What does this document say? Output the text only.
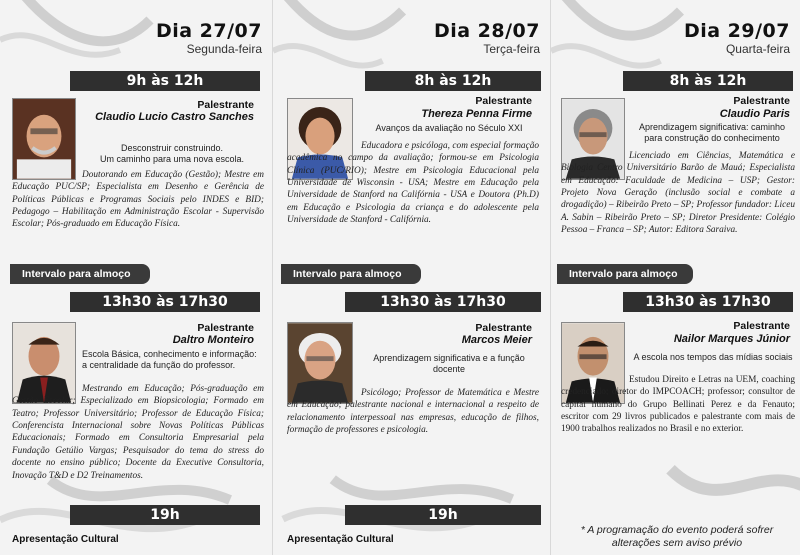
Dia 27/07
Segunda-feira
9h às 12h
Palestrante
Claudio Lucio Castro Sanches
Desconstruir construindo.
Um caminho para uma nova escola.
Doutorando em Educação (Gestão); Mestre em Educação PUC/SP; Especialista em Desenho e Gerência de Políticas Públicas e Programas Sociais pelo INDES e BID; Pedagogo – Habilitação em Administração Escolar - Supervisão Escolar; Pós-graduado em Educação Física.
Intervalo para almoço
13h30 às 17h30
Palestrante
Daltro Monteiro
Escola Básica, conhecimento e informação: a centralidade da função do professor.
Mestrando em Educação; Pós-graduação em Gestão Escolar; Especializado em Biopsicologia; Formado em Teatro; Professor Universitário; Professor de Educação Física; Conferencista Internacional sobre Novas Políticas Públicas Educacionais; Formado em Consultoria Empresarial pela Fundação Getúlio Vargas; Pesquisador do tema do stress do docente no ensino público; Docente da Executive Consultoria, Inovação T&D e D2 Treinamentos.
19h
Apresentação Cultural
Dia 28/07
Terça-feira
8h às 12h
Palestrante
Thereza Penna Firme
Avanços da avaliação no Século XXI
Educadora e psicóloga, com especial formação acadêmica no campo da avaliação; formou-se em Psicologia Clínica (PUC/RIO); Mestre em Psicologia Educacional pela Universidade de Wisconsin - USA; Mestre em Educação pela Universidade de Stanford na Califórnia - USA e Doutora (Ph.D) em Educação e Psicologia da criança e do adolescente pela Universidade de Stanford - Califórnia.
Intervalo para almoço
13h30 às 17h30
Palestrante
Marcos Meier
Aprendizagem significativa e a função docente
Psicólogo; Professor de Matemática e Mestre em Educação; palestrante nacional e internacional a respeito de relacionamento interpessoal nas empresas, educação de filhos, formação de professores e psicologia.
19h
Apresentação Cultural
Dia 29/07
Quarta-feira
8h às 12h
Palestrante
Claudio Paris
Aprendizagem significativa: caminho para construção do conhecimento
Licenciado em Ciências, Matemática e Biologia Centro Universitário Barão de Mauá; Especialista em Educação: Faculdade de Medicina – USP; Gestor: Projeto Nova Geração (inclusão social e combate a drogadição) – Ribeirão Preto – SP; Professor fundador: Liceu A. Sabin – Ribeirão Preto – SP; Diretor Presidente: Colégio Pessoa – Franca – SP; Autor: Editora Saraiva.
Intervalo para almoço
13h30 às 17h30
Palestrante
Nailor Marques Júnior
A escola nos tempos das mídias sociais
Estudou Direito e Letras na UEM, coaching credenciado; diretor do IMPCOACH; professor; consultor de capital humano do Grupo Bellinati Perez e da Fenauto; escritor com 29 livros publicados e palestrante com mais de 1900 trabalhos realizados no Brasil e no exterior.
* A programação do evento poderá sofrer alterações sem aviso prévio
